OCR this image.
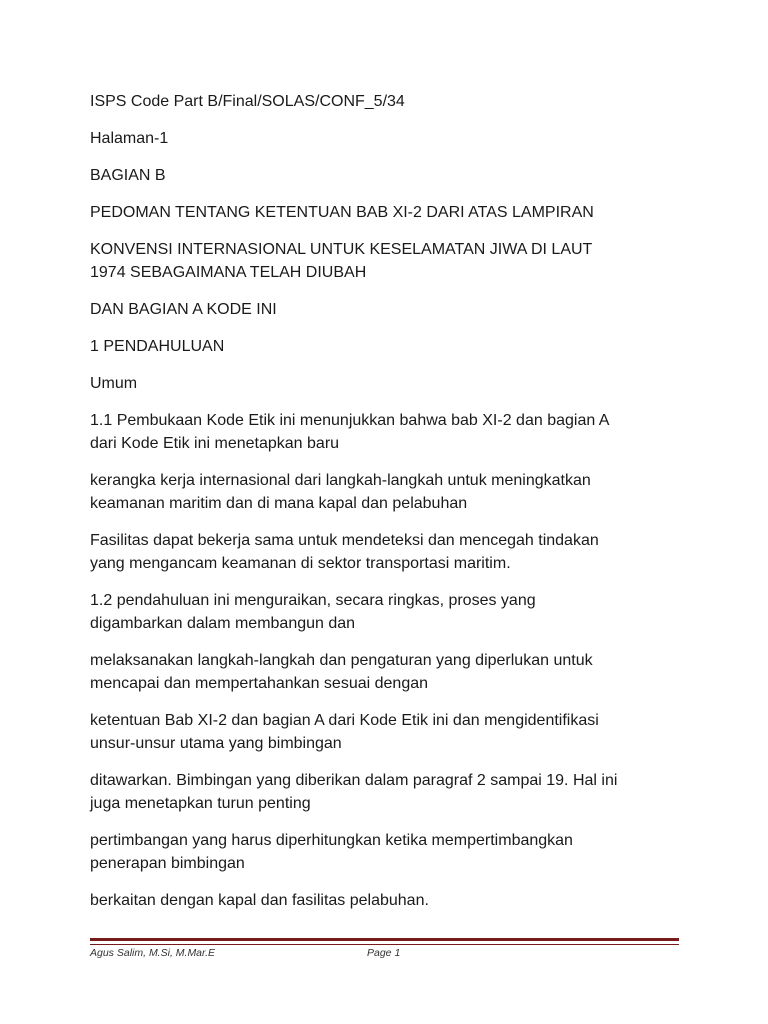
ISPS Code Part B/Final/SOLAS/CONF_5/34

Halaman-1

BAGIAN B

PEDOMAN TENTANG KETENTUAN BAB XI-2 DARI ATAS LAMPIRAN

KONVENSI INTERNASIONAL UNTUK KESELAMATAN JIWA DI LAUT
1974 SEBAGAIMANA TELAH DIUBAH

DAN BAGIAN A KODE INI

1 PENDAHULUAN

Umum

1.1 Pembukaan Kode Etik ini menunjukkan bahwa bab XI-2 dan bagian A
dari Kode Etik ini menetapkan baru

kerangka kerja internasional dari langkah-langkah untuk meningkatkan
keamanan maritim dan di mana kapal dan pelabuhan

Fasilitas dapat bekerja sama untuk mendeteksi dan mencegah tindakan
yang mengancam keamanan di sektor transportasi maritim.

1.2 pendahuluan ini menguraikan, secara ringkas, proses yang
digambarkan dalam membangun dan

melaksanakan langkah-langkah dan pengaturan yang diperlukan untuk
mencapai dan mempertahankan sesuai dengan

ketentuan Bab XI-2 dan bagian A dari Kode Etik ini dan mengidentifikasi
unsur-unsur utama yang bimbingan

ditawarkan. Bimbingan yang diberikan dalam paragraf 2 sampai 19. Hal ini
juga menetapkan turun penting

pertimbangan yang harus diperhitungkan ketika mempertimbangkan
penerapan bimbingan

berkaitan dengan kapal dan fasilitas pelabuhan.

Agus Salim, M.Si, M.Mar.E	Page 1
